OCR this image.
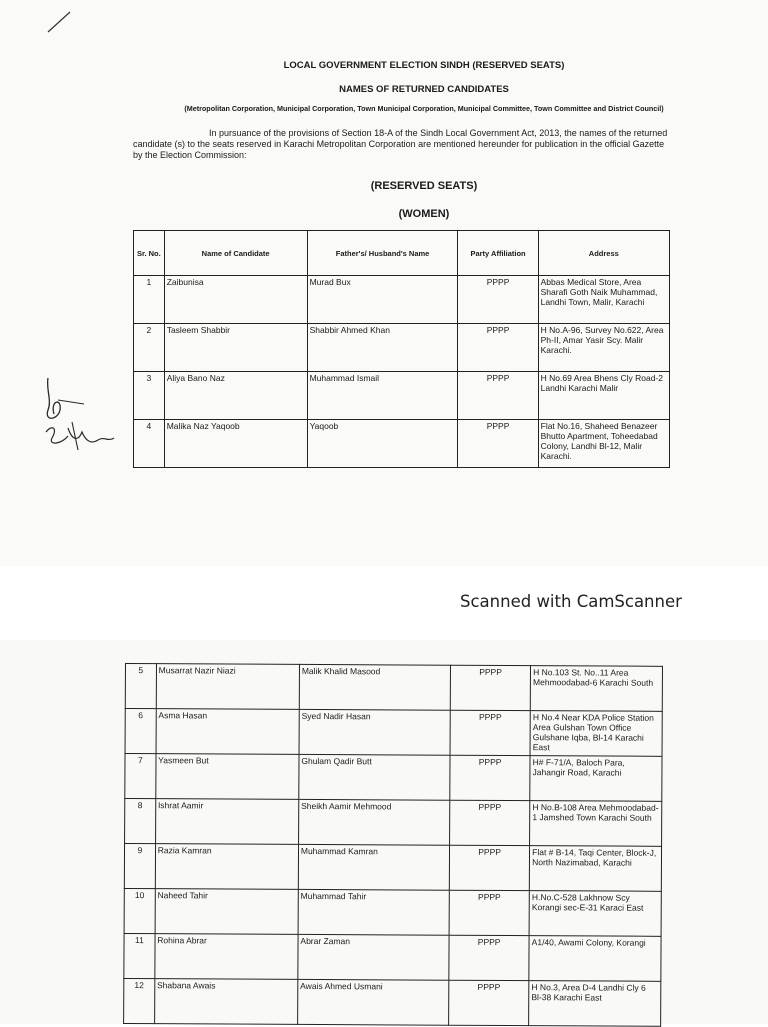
LOCAL GOVERNMENT ELECTION SINDH (RESERVED SEATS)
NAMES OF RETURNED CANDIDATES
(Metropolitan Corporation, Municipal Corporation, Town Municipal Corporation, Municipal Committee, Town Committee and District Council)
In pursuance of the provisions of Section 18-A of the Sindh Local Government Act, 2013, the names of the returned candidate (s) to the seats reserved in Karachi Metropolitan Corporation are mentioned hereunder for publication in the official Gazette by the Election Commission:
(RESERVED SEATS)
(WOMEN)
Sr. No.	Name of Candidate	Father's/ Husband's Name	Party Affiliation	Address
1	Zaibunisa	Murad Bux	PPPP	Abbas Medical Store, Area Sharafi Goth Naik Muhammad, Landhi Town, Malir, Karachi
2	Tasleem Shabbir	Shabbir Ahmed Khan	PPPP	H No.A-96, Survey No.622, Area Ph-II, Amar Yasir Scy. Malir Karachi.
3	Aliya Bano Naz	Muhammad Ismail	PPPP	H No.69 Area Bhens Cly Road-2 Landhi Karachi Malir
4	Malika Naz Yaqoob	Yaqoob	PPPP	Flat No.16, Shaheed Benazeer Bhutto Apartment, Toheedabad Colony, Landhi Bl-12, Malir Karachi.
Scanned with CamScanner
5	Musarrat Nazir Niazi	Malik Khalid Masood	PPPP	H No.103 St. No..11 Area Mehmoodabad-6 Karachi South
6	Asma Hasan	Syed Nadir Hasan	PPPP	H No.4 Near KDA Police Station Area Gulshan Town Office Gulshane Iqba, Bl-14 Karachi East
7	Yasmeen But	Ghulam Qadir Butt	PPPP	H# F-71/A, Baloch Para, Jahangir Road, Karachi
8	Ishrat Aamir	Sheikh Aamir Mehmood	PPPP	H No.B-108 Area Mehmoodabad-1 Jamshed Town Karachi South
9	Razia Kamran	Muhammad Kamran	PPPP	Flat # B-14, Taqi Center, Block-J, North Nazimabad, Karachi
10	Naheed Tahir	Muhammad Tahir	PPPP	H.No.C-528 Lakhnow Scy Korangi sec-E-31 Karaci East
11	Rohina Abrar	Abrar Zaman	PPPP	A1/40, Awami Colony, Korangi
12	Shabana Awais	Awais Ahmed Usmani	PPPP	H No.3, Area D-4 Landhi Cly 6 Bl-38 Karachi East
